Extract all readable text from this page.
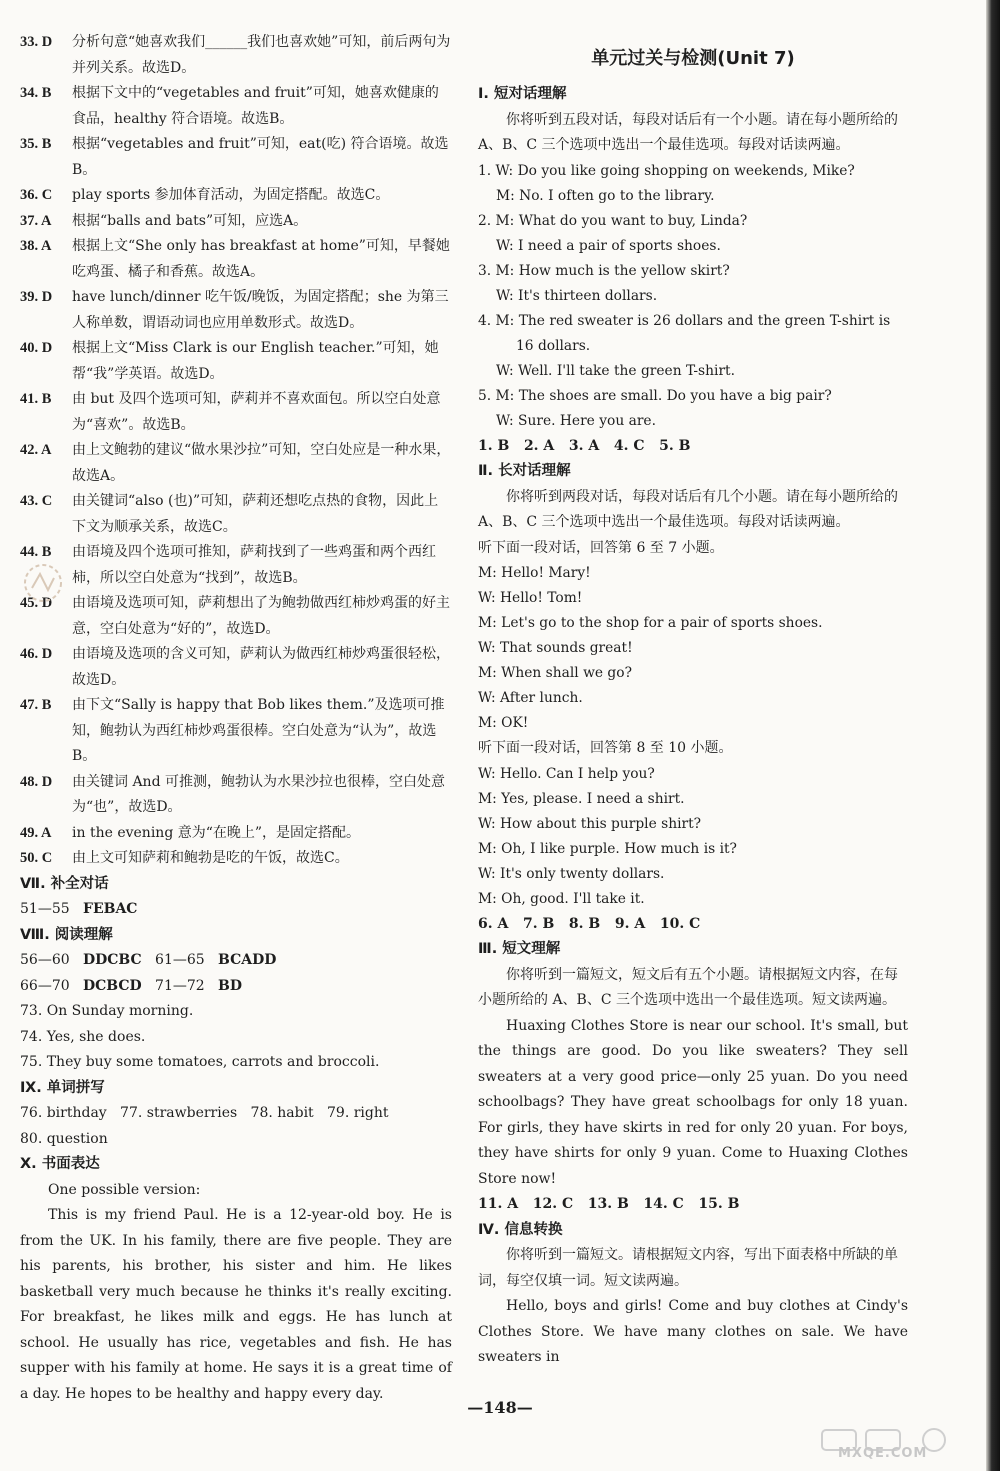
33. D	分析句意“她喜欢我们______我们也喜欢她”可知，前后两句为并列关系。故选D。
34. B	根据下文中的“vegetables and fruit”可知，她喜欢健康的食品，healthy 符合语境。故选B。
35. B	根据“vegetables and fruit”可知，eat(吃) 符合语境。故选B。
36. C	play sports 参加体育活动，为固定搭配。故选C。
37. A	根据“balls and bats”可知，应选A。
38. A	根据上文“She only has breakfast at home”可知，早餐她吃鸡蛋、橘子和香蕉。故选A。
39. D	have lunch/dinner 吃午饭/晚饭，为固定搭配；she 为第三人称单数，谓语动词也应用单数形式。故选D。
40. D	根据上文“Miss Clark is our English teacher.”可知，她帮“我”学英语。故选D。
41. B	由 but 及四个选项可知，萨莉并不喜欢面包。所以空白处意为“喜欢”。故选B。
42. A	由上文鲍勃的建议“做水果沙拉”可知，空白处应是一种水果，故选A。
43. C	由关键词“also (也)”可知，萨莉还想吃点热的食物，因此上下文为顺承关系，故选C。
44. B	由语境及四个选项可推知，萨莉找到了一些鸡蛋和两个西红柿，所以空白处意为“找到”，故选B。
45. D	由语境及选项可知，萨莉想出了为鲍勃做西红柿炒鸡蛋的好主意，空白处意为“好的”，故选D。
46. D	由语境及选项的含义可知，萨莉认为做西红柿炒鸡蛋很轻松，故选D。
47. B	由下文“Sally is happy that Bob likes them.”及选项可推知，鲍勃认为西红柿炒鸡蛋很棒。空白处意为“认为”，故选B。
48. D	由关键词 And 可推测，鲍勃认为水果沙拉也很棒，空白处意为“也”，故选D。
49. A	in the evening 意为“在晚上”，是固定搭配。
50. C	由上文可知萨莉和鲍勃是吃的午饭，故选C。
Ⅶ. 补全对话
51—55 FEBAC
Ⅷ. 阅读理解
56—60 DDCBC 61—65 BCADD
66—70 DCBCD 71—72 BD
73. On Sunday morning.
74. Yes, she does.
75. They buy some tomatoes, carrots and broccoli.
Ⅸ. 单词拼写
76. birthday   77. strawberries   78. habit   79. right
80. question
Ⅹ. 书面表达
One possible version:
This is my friend Paul. He is a 12-year-old boy. He is from the UK. In his family, there are five people. They are his parents, his brother, his sister and him. He likes basketball very much because he thinks it's really exciting. For breakfast, he likes milk and eggs. He has lunch at school. He usually has rice, vegetables and fish. He has supper with his family at home. He says it is a great time of a day. He hopes to be healthy and happy every day.
单元过关与检测(Unit 7)
Ⅰ. 短对话理解
你将听到五段对话，每段对话后有一个小题。请在每小题所给的 A、B、C 三个选项中选出一个最佳选项。每段对话读两遍。
1. W: Do you like going shopping on weekends, Mike?
M: No. I often go to the library.
2. M: What do you want to buy, Linda?
W: I need a pair of sports shoes.
3. M: How much is the yellow skirt?
W: It's thirteen dollars.
4. M: The red sweater is 26 dollars and the green T-shirt is 16 dollars.
W: Well. I'll take the green T-shirt.
5. M: The shoes are small. Do you have a big pair?
W: Sure. Here you are.
1. B   2. A   3. A   4. C   5. B
Ⅱ. 长对话理解
你将听到两段对话，每段对话后有几个小题。请在每小题所给的 A、B、C 三个选项中选出一个最佳选项。每段对话读两遍。
听下面一段对话，回答第 6 至 7 小题。
M: Hello! Mary!
W: Hello! Tom!
M: Let's go to the shop for a pair of sports shoes.
W: That sounds great!
M: When shall we go?
W: After lunch.
M: OK!
听下面一段对话，回答第 8 至 10 小题。
W: Hello. Can I help you?
M: Yes, please. I need a shirt.
W: How about this purple shirt?
M: Oh, I like purple. How much is it?
W: It's only twenty dollars.
M: Oh, good. I'll take it.
6. A   7. B   8. B   9. A   10. C
Ⅲ. 短文理解
你将听到一篇短文，短文后有五个小题。请根据短文内容，在每小题所给的 A、B、C 三个选项中选出一个最佳选项。短文读两遍。
Huaxing Clothes Store is near our school. It's small, but the things are good. Do you like sweaters? They sell sweaters at a very good price—only 25 yuan. Do you need schoolbags? They have great schoolbags for only 18 yuan. For girls, they have skirts in red for only 20 yuan. For boys, they have shirts for only 9 yuan. Come to Huaxing Clothes Store now!
11. A   12. C   13. B   14. C   15. B
Ⅳ. 信息转换
你将听到一篇短文。请根据短文内容，写出下面表格中所缺的单词，每空仅填一词。短文读两遍。
Hello, boys and girls! Come and buy clothes at Cindy's Clothes Store. We have many clothes on sale. We have sweaters in
—148—
MXQE.COM
